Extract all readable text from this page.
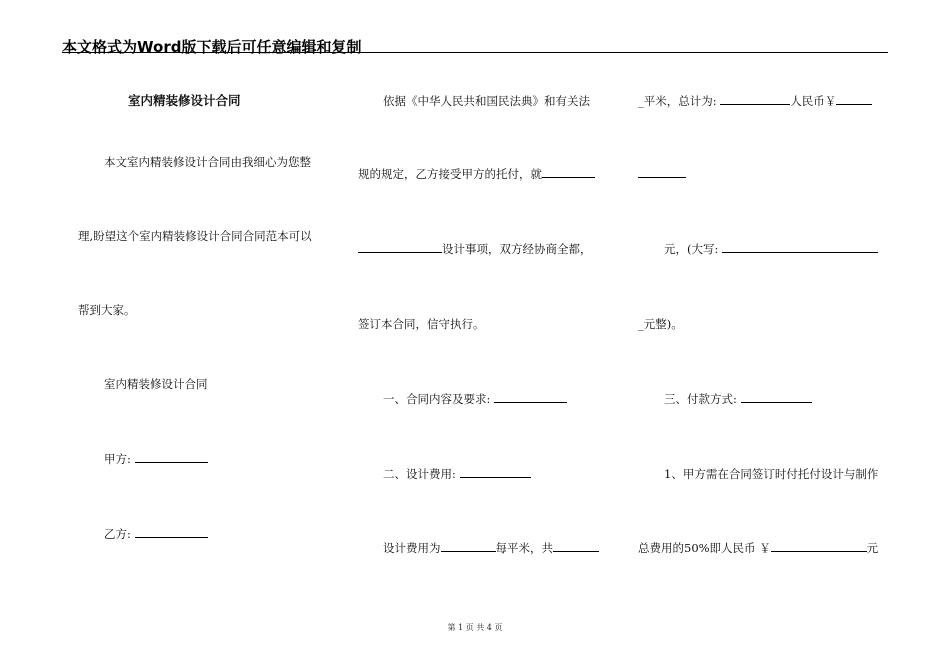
本文格式为Word版下载后可任意编辑和复制
室内精装修设计合同
本文室内精装修设计合同由我细心为您整
理,盼望这个室内精装修设计合同合同范本可以
帮到大家。
室内精装修设计合同
甲方:
乙方:
依据《中华人民共和国民法典》和有关法
规的规定，乙方接受甲方的托付，就
设计事项，双方经协商全都，
签订本合同，信守执行。
一、合同内容及要求:
二、设计费用:
设计费用为	每平米，共
_平米，总计为:	人民币￥
元，(大写:
_元整)。
三、付款方式:
1、甲方需在合同签订时付托付设计与制作
总费用的50%即人民币 ￥	元
第 1 页 共 4 页
